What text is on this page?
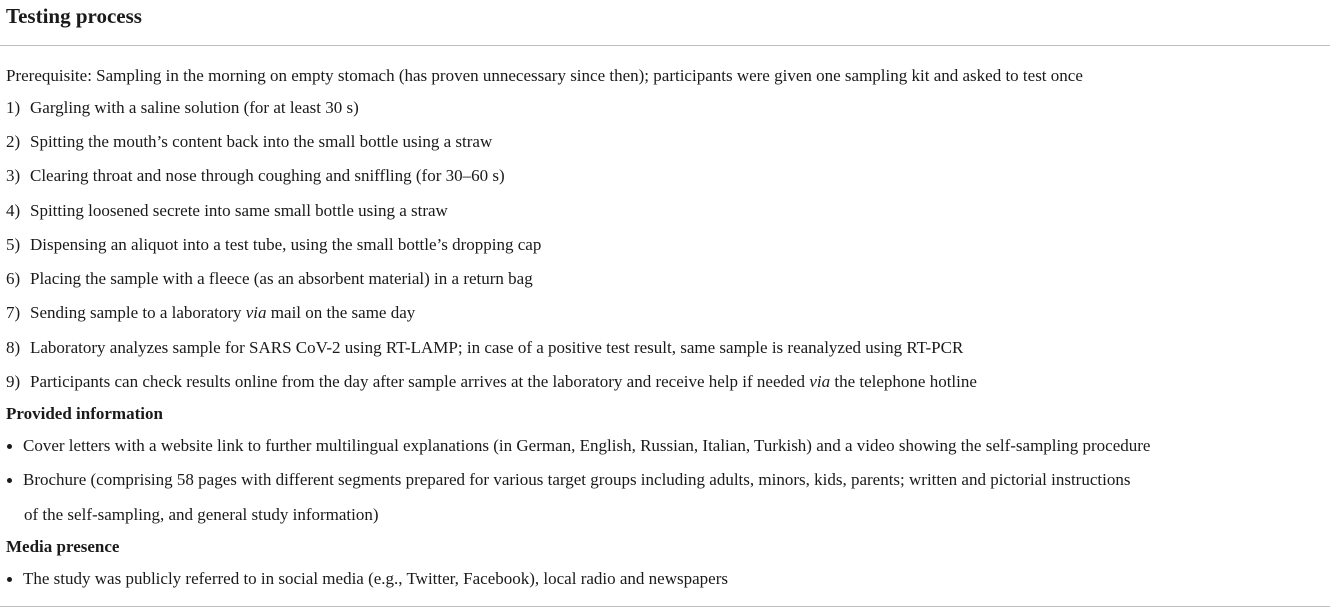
Testing process
Prerequisite: Sampling in the morning on empty stomach (has proven unnecessary since then); participants were given one sampling kit and asked to test once
1) Gargling with a saline solution (for at least 30 s)
2) Spitting the mouth’s content back into the small bottle using a straw
3) Clearing throat and nose through coughing and sniffling (for 30–60 s)
4) Spitting loosened secrete into same small bottle using a straw
5) Dispensing an aliquot into a test tube, using the small bottle’s dropping cap
6) Placing the sample with a fleece (as an absorbent material) in a return bag
7) Sending sample to a laboratory via mail on the same day
8) Laboratory analyzes sample for SARS CoV-2 using RT-LAMP; in case of a positive test result, same sample is reanalyzed using RT-PCR
9) Participants can check results online from the day after sample arrives at the laboratory and receive help if needed via the telephone hotline
Provided information
Cover letters with a website link to further multilingual explanations (in German, English, Russian, Italian, Turkish) and a video showing the self-sampling procedure
Brochure (comprising 58 pages with different segments prepared for various target groups including adults, minors, kids, parents; written and pictorial instructions
of the self-sampling, and general study information)
Media presence
The study was publicly referred to in social media (e.g., Twitter, Facebook), local radio and newspapers
